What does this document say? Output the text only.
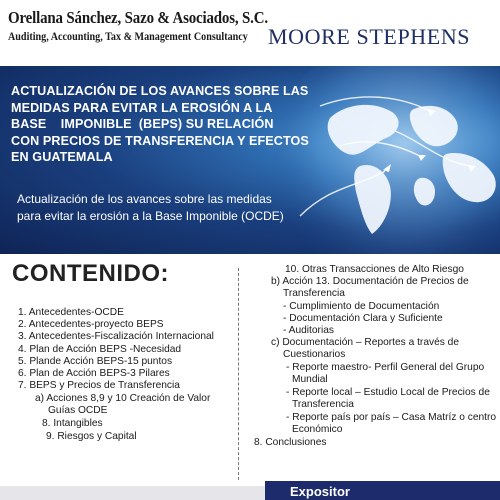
Orellana Sánchez, Sazo & Asociados, S.C.
Auditing, Accounting, Tax & Management Consultancy MOORE STEPHENS
ACTUALIZACIÓN DE LOS AVANCES SOBRE LAS
MEDIDAS PARA EVITAR LA EROSIÓN A LA
BASE    IMPONIBLE  (BEPS) SU RELACIÓN
CON PRECIOS DE TRANSFERENCIA Y EFECTOS
EN GUATEMALA
Actualización de los avances sobre las medidas
para evitar la erosión a la Base Imponible (OCDE)
CONTENIDO:
1. Antecedentes-OCDE
2. Antecedentes-proyecto BEPS
3. Antecedentes-Fiscalización Internacional
4. Plan de Acción BEPS -Necesidad
5. Plande Acción BEPS-15 puntos
6. Plan de Acción BEPS-3 Pilares
7. BEPS y Precios de Transferencia
a) Acciones 8,9 y 10 Creación de Valor
Guías OCDE
8. Intangibles
9. Riesgos y Capital
10. Otras Transacciones de Alto Riesgo
b) Acción 13. Documentación de Precios de
Transferencia
- Cumplimiento de Documentación
- Documentación Clara y Suficiente
- Auditorias
c) Documentación – Reportes a través de
Cuestionarios
- Reporte maestro- Perfil General del Grupo
Mundial
- Reporte local – Estudio Local de Precios de
Transferencia
- Reporte país por país – Casa Matríz o centro
Económico
8. Conclusiones
Expositor
